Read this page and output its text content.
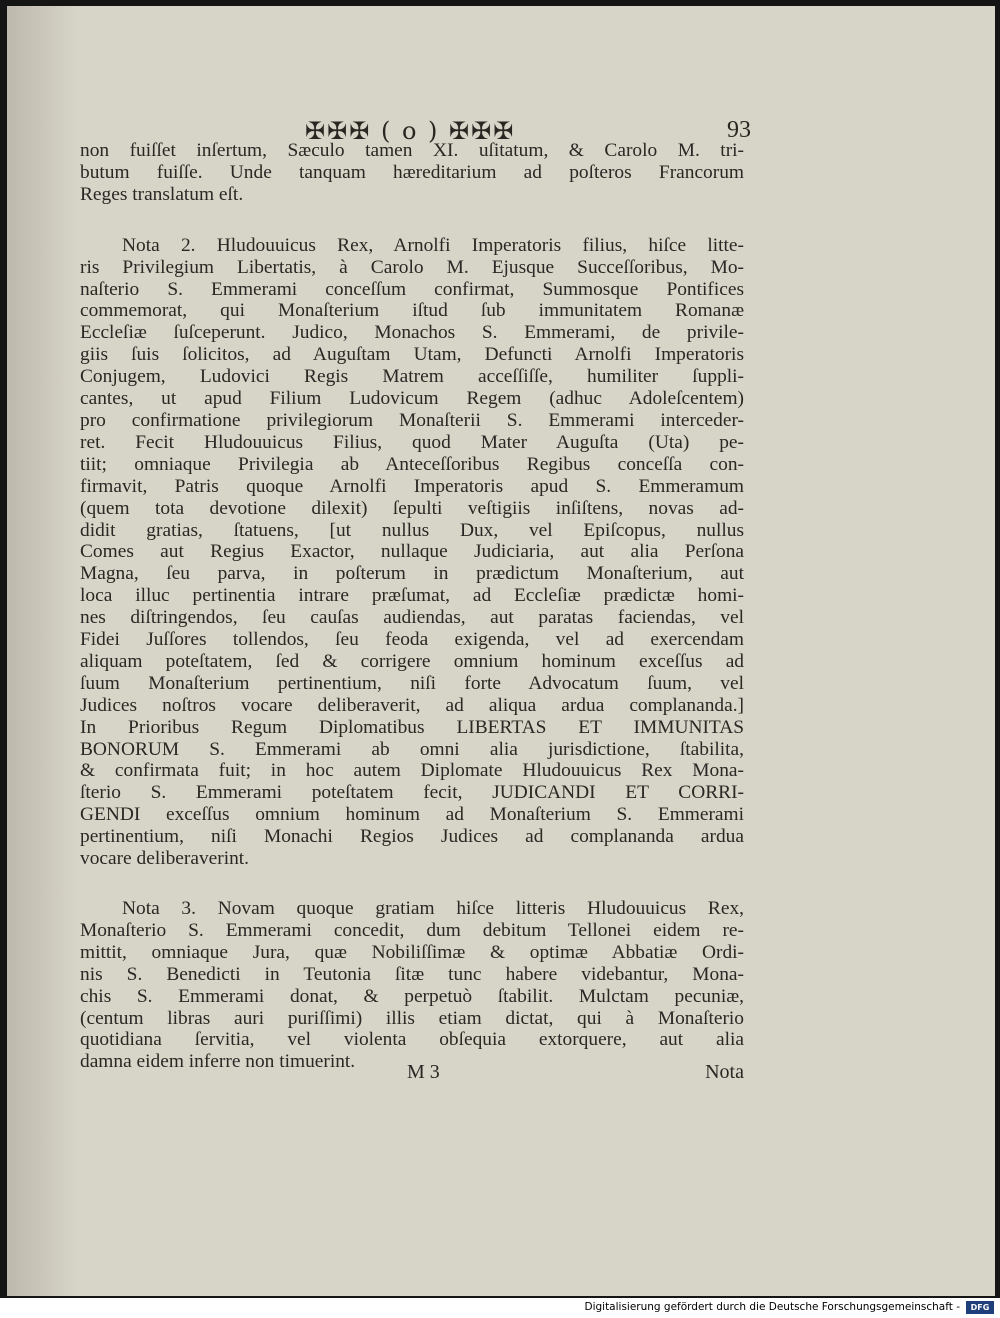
✠✠✠ ( o ) ✠✠✠	93
non fuiſſet inſertum, Sæculo tamen XI. uſitatum, & Carolo M. tri-
butum fuiſſe. Unde tanquam hæreditarium ad poſteros Francorum
Reges translatum eſt.
Nota 2. Hludouuicus Rex, Arnolfi Imperatoris filius, hiſce litte-
ris Privilegium Libertatis, à Carolo M. Ejusque Succeſſoribus, Mo-
naſterio S. Emmerami conceſſum confirmat, Summosque Pontifices
commemorat, qui Monaſterium iſtud ſub immunitatem Romanæ
Eccleſiæ ſuſceperunt. Judico, Monachos S. Emmerami, de privile-
giis ſuis ſolicitos, ad Auguſtam Utam, Defuncti Arnolfi Imperatoris
Conjugem, Ludovici Regis Matrem acceſſiſſe, humiliter ſuppli-
cantes, ut apud Filium Ludovicum Regem (adhuc Adoleſcentem)
pro confirmatione privilegiorum Monaſterii S. Emmerami interceder-
ret. Fecit Hludouuicus Filius, quod Mater Auguſta (Uta) pe-
tiit; omniaque Privilegia ab Anteceſſoribus Regibus conceſſa con-
firmavit, Patris quoque Arnolfi Imperatoris apud S. Emmeramum
(quem tota devotione dilexit) ſepulti veſtigiis inſiſtens, novas ad-
didit gratias, ſtatuens, [ut nullus Dux, vel Epiſcopus, nullus
Comes aut Regius Exactor, nullaque Judiciaria, aut alia Perſona
Magna, ſeu parva, in poſterum in prædictum Monaſterium, aut
loca illuc pertinentia intrare præſumat, ad Eccleſiæ prædictæ homi-
nes diſtringendos, ſeu cauſas audiendas, aut paratas faciendas, vel
Fidei Juſſores tollendos, ſeu feoda exigenda, vel ad exercendam
aliquam poteſtatem, ſed & corrigere omnium hominum exceſſus ad
ſuum Monaſterium pertinentium, niſi forte Advocatum ſuum, vel
Judices noſtros vocare deliberaverit, ad aliqua ardua complananda.]
In Prioribus Regum Diplomatibus LIBERTAS ET IMMUNITAS
BONORUM S. Emmerami ab omni alia jurisdictione, ſtabilita,
& confirmata fuit; in hoc autem Diplomate Hludouuicus Rex Mona-
ſterio S. Emmerami poteſtatem fecit, JUDICANDI ET CORRI-
GENDI exceſſus omnium hominum ad Monaſterium S. Emmerami
pertinentium, niſi Monachi Regios Judices ad complananda ardua
vocare deliberaverint.
Nota 3. Novam quoque gratiam hiſce litteris Hludouuicus Rex,
Monaſterio S. Emmerami concedit, dum debitum Tellonei eidem re-
mittit, omniaque Jura, quæ Nobiliſſimæ & optimæ Abbatiæ Ordi-
nis S. Benedicti in Teutonia ſitæ tunc habere videbantur, Mona-
chis S. Emmerami donat, & perpetuò ſtabilit. Mulctam pecuniæ,
(centum libras auri puriſſimi) illis etiam dictat, qui à Monaſterio
quotidiana ſervitia, vel violenta obſequia extorquere, aut alia
damna eidem inferre non timuerint.	M 3	Nota
Digitalisierung gefördert durch die Deutsche Forschungsgemeinschaft -	DFG
